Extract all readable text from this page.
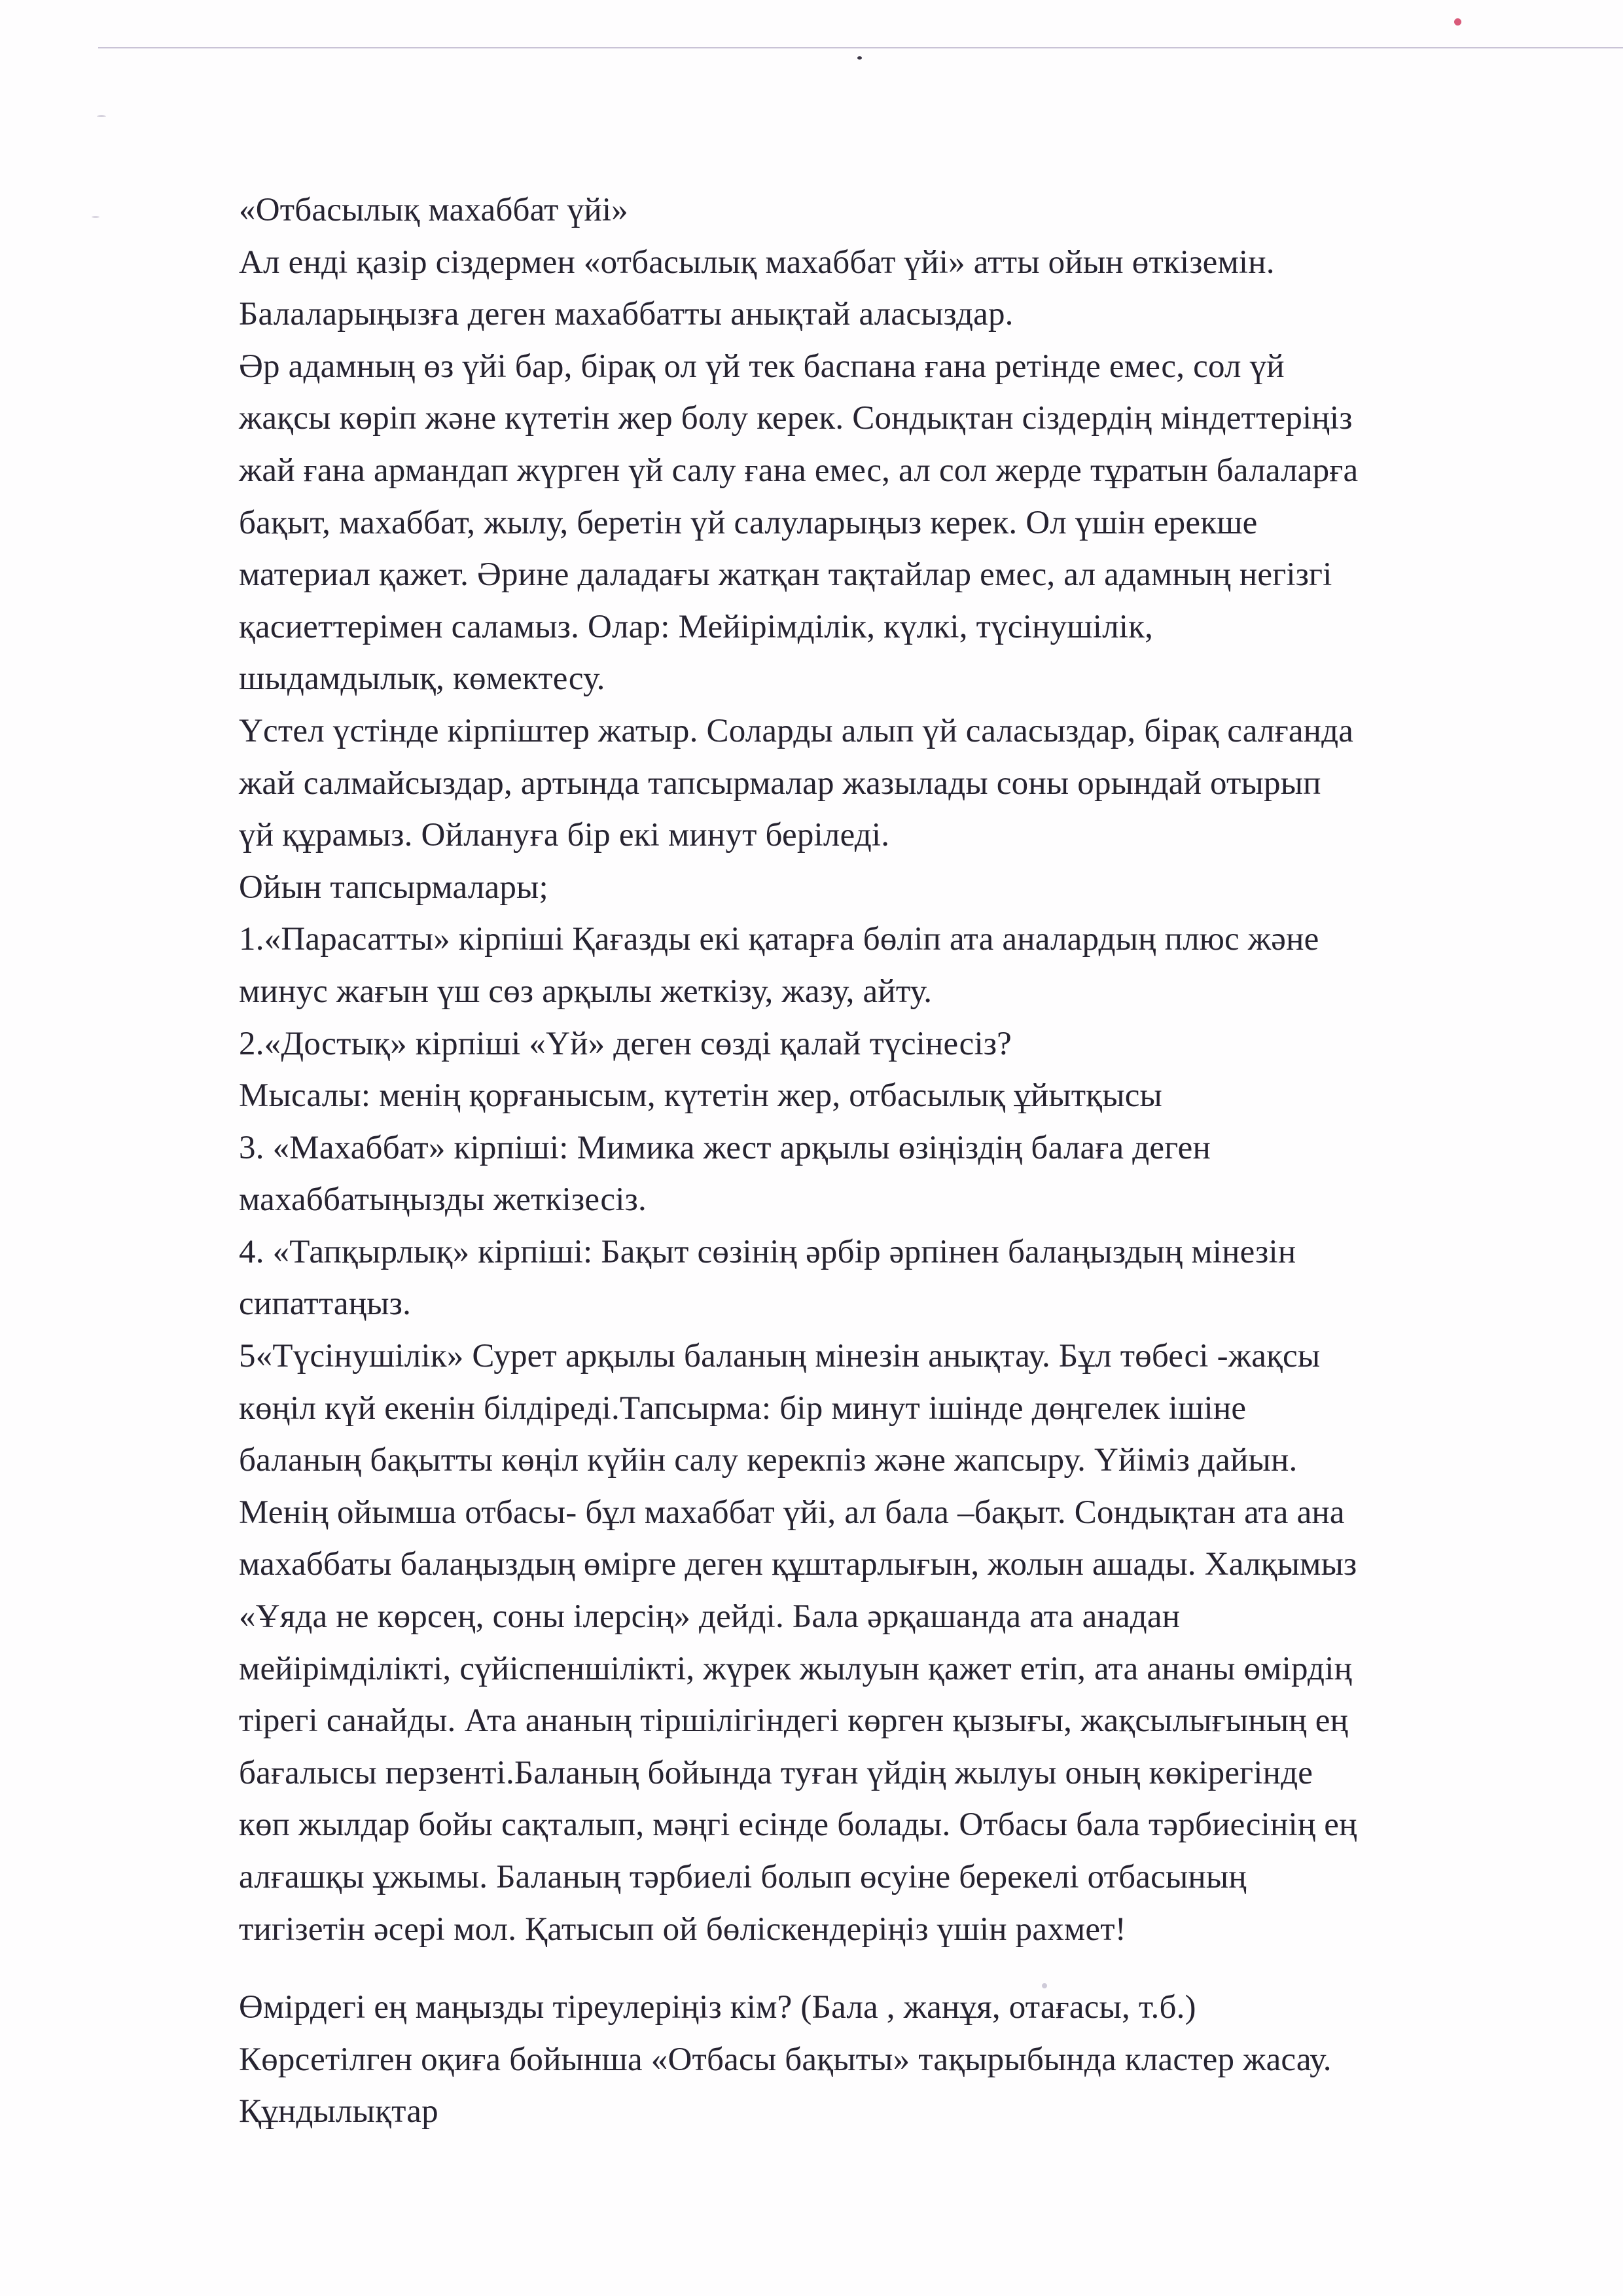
«Отбасылық махаббат үйі»
Ал енді қазір сіздермен «отбасылық махаббат үйі» атты ойын өткіземін.
Балаларыңызға деген махаббатты анықтай аласыздар.
Әр адамның өз үйі бар, бірақ ол үй тек баспана ғана ретінде емес, сол үй
жақсы көріп және күтетін жер болу керек. Сондықтан сіздердің міндеттеріңіз
жай ғана армандап жүрген үй салу ғана емес, ал сол жерде тұратын балаларға
бақыт, махаббат, жылу, беретін үй салуларыңыз керек. Ол үшін ерекше
материал қажет. Әрине даладағы жатқан тақтайлар емес, ал адамның негізгі
қасиеттерімен саламыз. Олар: Мейірімділік, күлкі, түсінушілік,
шыдамдылық, көмектесу.
Үстел үстінде кірпіштер жатыр. Соларды алып үй саласыздар, бірақ салғанда
жай салмайсыздар, артында тапсырмалар жазылады соны орындай отырып
үй құрамыз. Ойлануға бір екі минут беріледі.
Ойын тапсырмалары;
1.«Парасатты» кірпіші Қағазды екі қатарға бөліп ата аналардың плюс және
минус жағын үш сөз арқылы жеткізу, жазу, айту.
2.«Достық» кірпіші «Үй» деген сөзді қалай түсінесіз?
Мысалы: менің қорғанысым, күтетін жер, отбасылық ұйытқысы
3. «Махаббат» кірпіші: Мимика жест арқылы өзіңіздің балаға деген
махаббатыңызды жеткізесіз.
4. «Тапқырлық» кірпіші: Бақыт сөзінің әрбір әрпінен балаңыздың мінезін
сипаттаңыз.
5«Түсінушілік» Сурет арқылы баланың мінезін анықтау. Бұл төбесі -жақсы
көңіл күй екенін білдіреді.Тапсырма: бір минут ішінде дөңгелек ішіне
баланың бақытты көңіл күйін салу керекпіз және жапсыру. Үйіміз дайын.
Менің ойымша отбасы- бұл махаббат үйі, ал бала –бақыт. Сондықтан ата ана
махаббаты балаңыздың өмірге деген құштарлығын, жолын ашады. Халқымыз
«Ұяда не көрсең, соны ілерсің» дейді. Бала әрқашанда ата анадан
мейірімділікті, сүйіспеншілікті, жүрек жылуын қажет етіп, ата ананы өмірдің
тірегі санайды. Ата ананың тіршілігіндегі көрген қызығы, жақсылығының ең
бағалысы перзенті.Баланың бойында туған үйдің жылуы оның көкірегінде
көп жылдар бойы сақталып, мәңгі есінде болады. Отбасы бала тәрбиесінің ең
алғашқы ұжымы. Баланың тәрбиелі болып өсуіне берекелі отбасының
тигізетін әсері мол. Қатысып ой бөліскендеріңіз үшін рахмет!
Өмірдегі ең маңызды тіреулеріңіз кім? (Бала , жанұя, отағасы, т.б.)
Көрсетілген оқиға бойынша «Отбасы бақыты» тақырыбында кластер жасау.
Құндылықтар
